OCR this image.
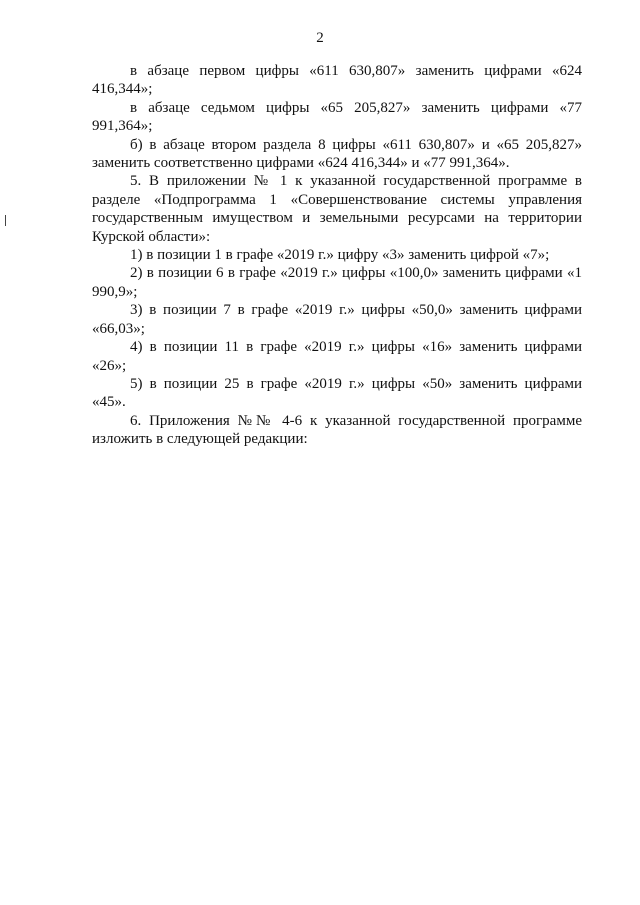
2

в абзаце первом цифры «611 630,807» заменить цифрами «624 416,344»;

в абзаце седьмом цифры «65 205,827» заменить цифрами «77 991,364»;

б) в абзаце втором раздела 8 цифры «611 630,807» и «65 205,827» заменить соответственно цифрами «624 416,344» и «77 991,364».

5. В приложении № 1 к указанной государственной программе в разделе «Подпрограмма 1 «Совершенствование системы управления государственным имуществом и земельными ресурсами на территории Курской области»:

1) в позиции 1 в графе «2019 г.» цифру «3» заменить цифрой «7»;

2) в позиции 6 в графе «2019 г.» цифры «100,0» заменить цифрами «1 990,9»;

3) в позиции 7 в графе «2019 г.» цифры «50,0» заменить цифрами «66,03»;

4) в позиции 11 в графе «2019 г.» цифры «16» заменить цифрами «26»;

5) в позиции 25 в графе «2019 г.» цифры «50» заменить цифрами «45».

6. Приложения №№ 4-6 к указанной государственной программе изложить в следующей редакции:
